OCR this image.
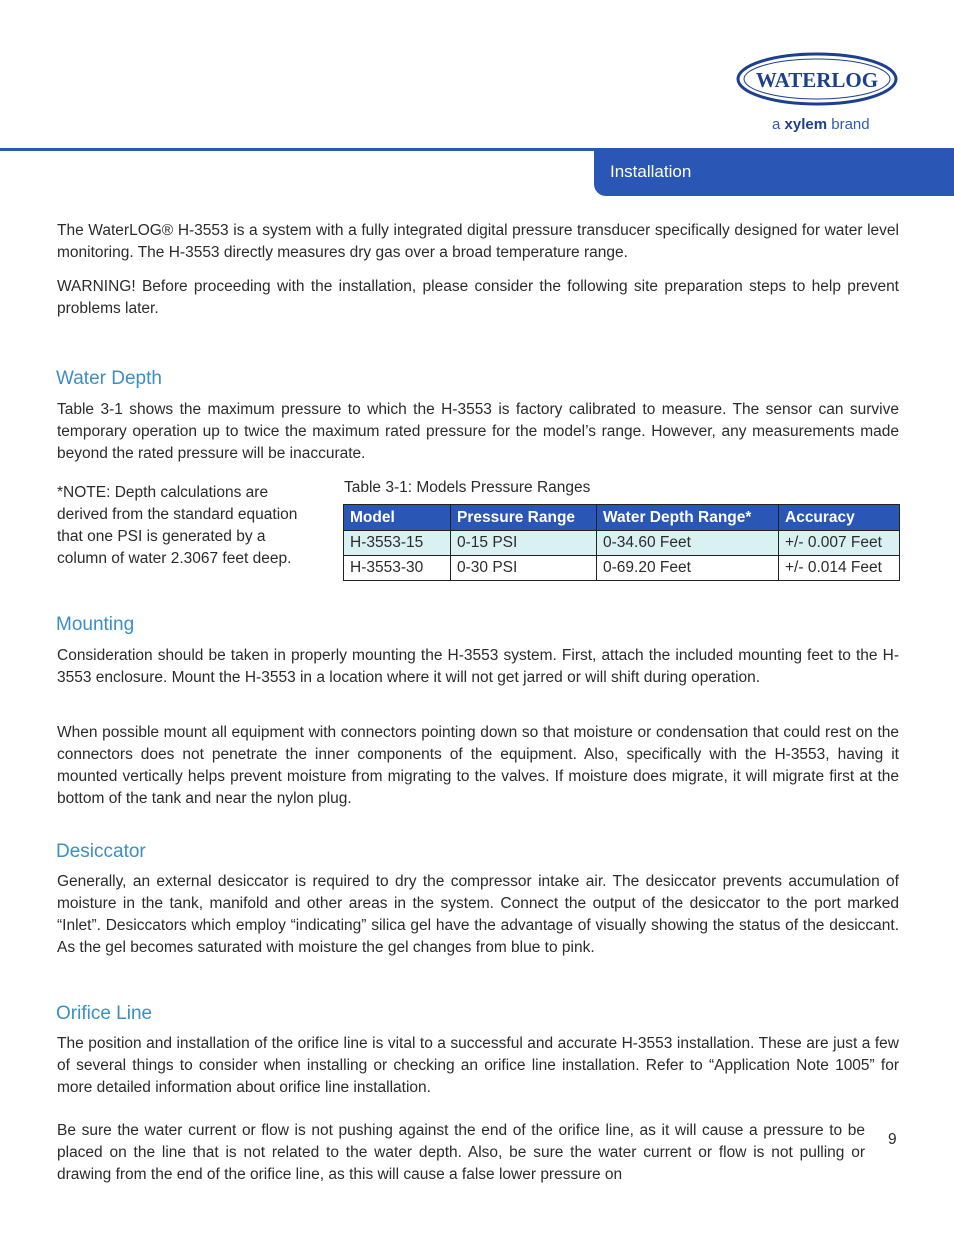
WATERLOG
a xylem brand
Installation

The WaterLOG® H-3553 is a system with a fully integrated digital pressure transducer specifically designed for water level monitoring. The H-3553 directly measures dry gas over a broad temperature range.

WARNING! Before proceeding with the installation, please consider the following site preparation steps to help prevent problems later.

Water Depth

Table 3-1 shows the maximum pressure to which the H-3553 is factory calibrated to measure. The sensor can survive temporary operation up to twice the maximum rated pressure for the model’s range. However, any measurements made beyond the rated pressure will be inaccurate.

*NOTE: Depth calculations are derived from the standard equation that one PSI is generated by a column of water 2.3067 feet deep.

Table 3-1: Models Pressure Ranges
Model	Pressure Range	Water Depth Range*	Accuracy
H-3553-15	0-15 PSI	0-34.60 Feet	+/- 0.007 Feet
H-3553-30	0-30 PSI	0-69.20 Feet	+/- 0.014 Feet
Mounting

Consideration should be taken in properly mounting the H-3553 system. First, attach the included mounting feet to the H-3553 enclosure. Mount the H-3553 in a location where it will not get jarred or will shift during operation.

When possible mount all equipment with connectors pointing down so that moisture or condensation that could rest on the connectors does not penetrate the inner components of the equipment. Also, specifically with the H-3553, having it mounted vertically helps prevent moisture from migrating to the valves. If moisture does migrate, it will migrate first at the bottom of the tank and near the nylon plug.

Desiccator

Generally, an external desiccator is required to dry the compressor intake air. The desiccator prevents accumulation of moisture in the tank, manifold and other areas in the system. Connect the output of the desiccator to the port marked “Inlet”. Desiccators which employ “indicating” silica gel have the advantage of visually showing the status of the desiccant. As the gel becomes saturated with moisture the gel changes from blue to pink.

Orifice Line

The position and installation of the orifice line is vital to a successful and accurate H-3553 installation. These are just a few of several things to consider when installing or checking an orifice line installation. Refer to “Application Note 1005” for more detailed information about orifice line installation.

Be sure the water current or flow is not pushing against the end of the orifice line, as it will cause a pressure to be placed on the line that is not related to the water depth. Also, be sure the water current or flow is not pulling or drawing from the end of the orifice line, as this will cause a false lower pressure on

9
